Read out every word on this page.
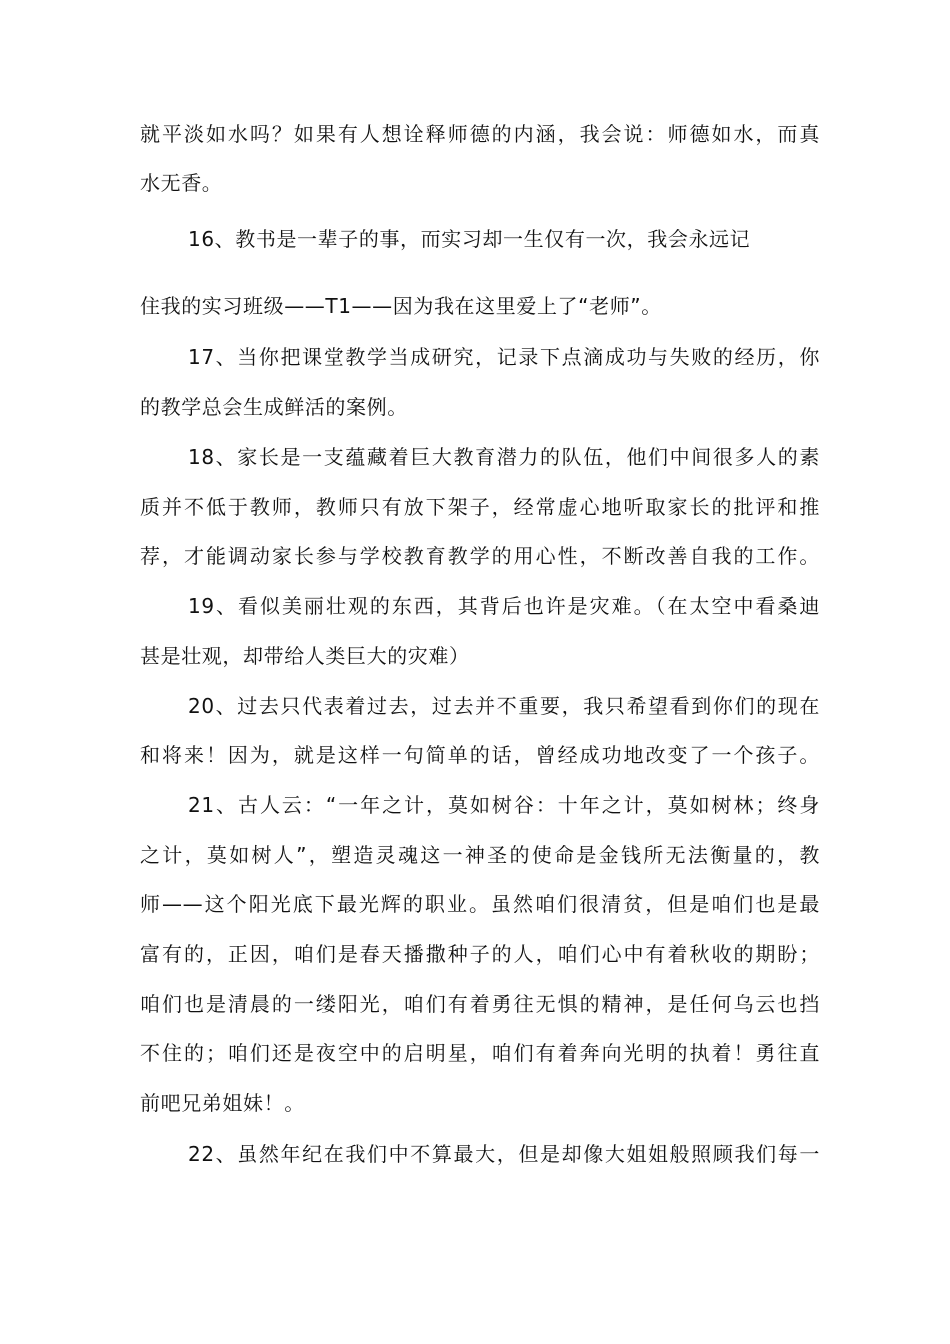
就平淡如水吗？如果有人想诠释师德的内涵，我会说：师德如水，而真
水无香。
16、教书是一辈子的事，而实习却一生仅有一次，我会永远记
住我的实习班级——T1——因为我在这里爱上了“老师”。
17、当你把课堂教学当成研究，记录下点滴成功与失败的经历，你
的教学总会生成鲜活的案例。
18、家长是一支蕴藏着巨大教育潜力的队伍，他们中间很多人的素
质并不低于教师，教师只有放下架子，经常虚心地听取家长的批评和推
荐，才能调动家长参与学校教育教学的用心性，不断改善自我的工作。
19、看似美丽壮观的东西，其背后也许是灾难。（在太空中看桑迪
甚是壮观，却带给人类巨大的灾难）
20、过去只代表着过去，过去并不重要，我只希望看到你们的现在
和将来！因为，就是这样一句简单的话，曾经成功地改变了一个孩子。
21、古人云：“一年之计，莫如树谷：十年之计，莫如树林；终身
之计，莫如树人”，塑造灵魂这一神圣的使命是金钱所无法衡量的，教
师——这个阳光底下最光辉的职业。虽然咱们很清贫，但是咱们也是最
富有的，正因，咱们是春天播撒种子的人，咱们心中有着秋收的期盼；
咱们也是清晨的一缕阳光，咱们有着勇往无惧的精神，是任何乌云也挡
不住的；咱们还是夜空中的启明星，咱们有着奔向光明的执着！勇往直
前吧兄弟姐妹！。
22、虽然年纪在我们中不算最大，但是却像大姐姐般照顾我们每一
